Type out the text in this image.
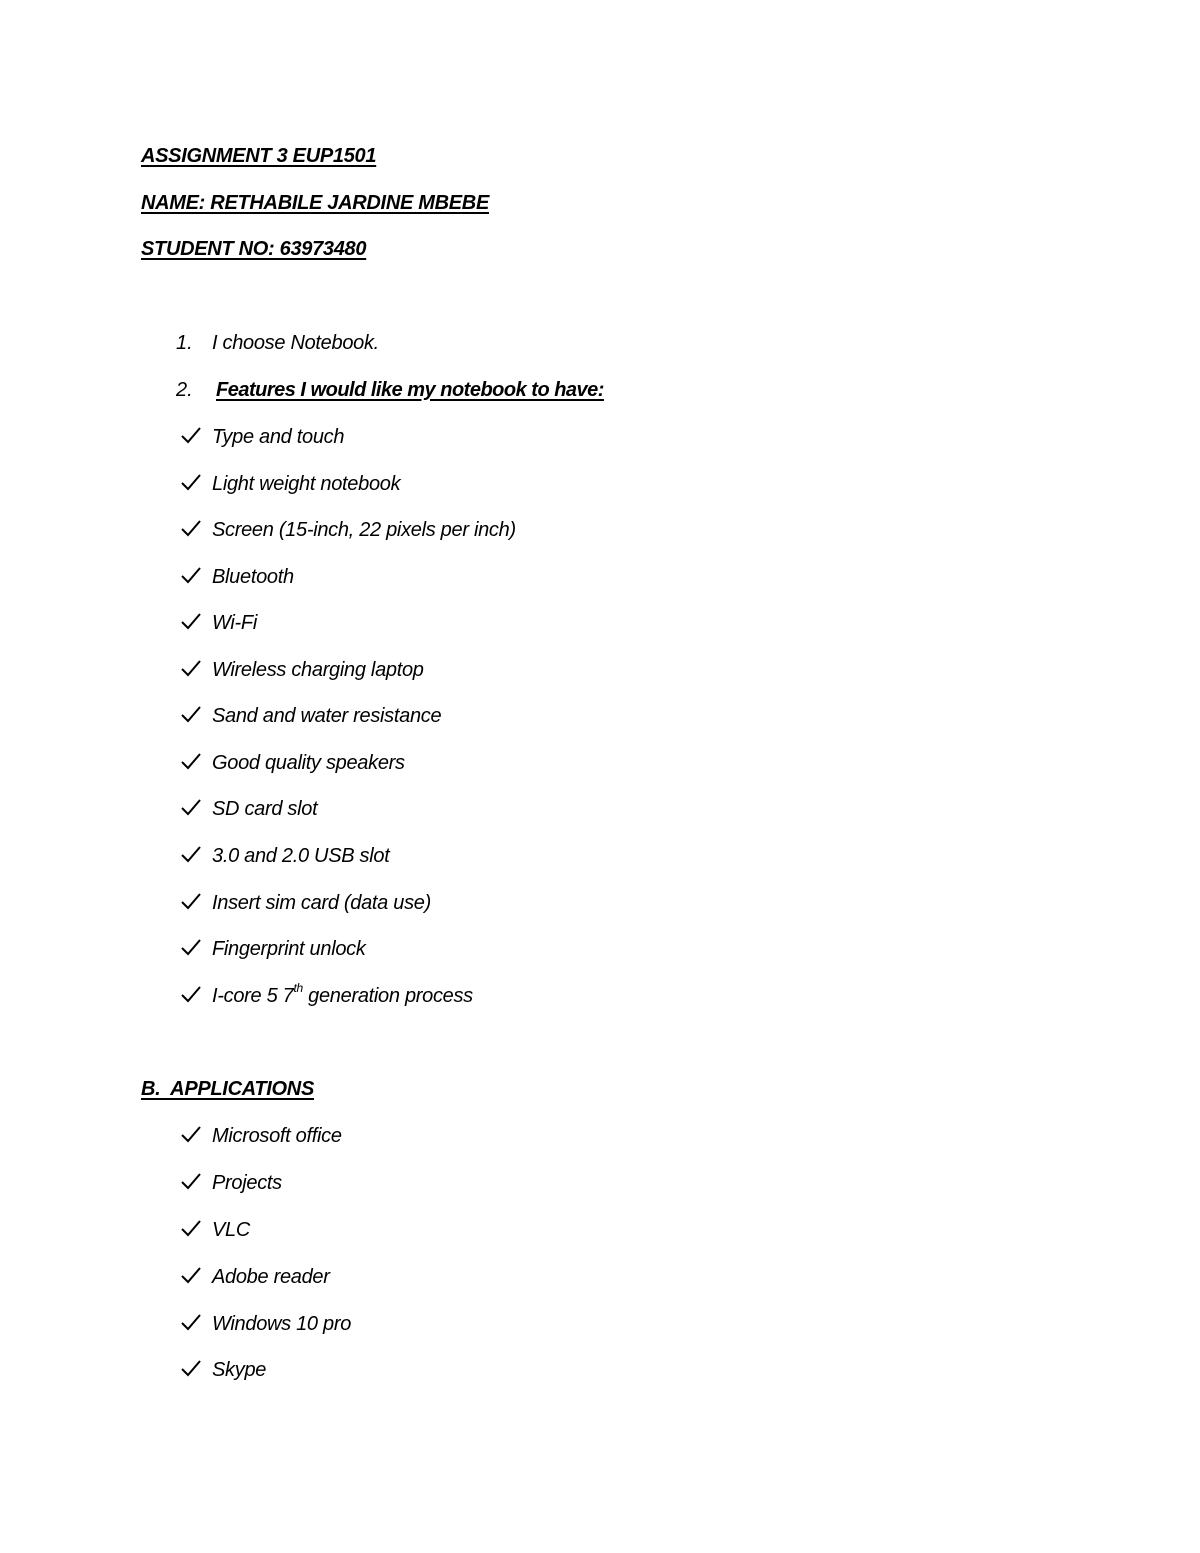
ASSIGNMENT 3 EUP1501
NAME: RETHABILE JARDINE MBEBE
STUDENT NO: 63973480
1. I choose Notebook.
2. Features I would like my notebook to have:
Type and touch
Light weight notebook
Screen (15-inch, 22 pixels per inch)
Bluetooth
Wi-Fi
Wireless charging laptop
Sand and water resistance
Good quality speakers
SD card slot
3.0 and 2.0 USB slot
Insert sim card (data use)
Fingerprint unlock
I-core 5 7th generation process
B.  APPLICATIONS
Microsoft office
Projects
VLC
Adobe reader
Windows 10 pro
Skype
